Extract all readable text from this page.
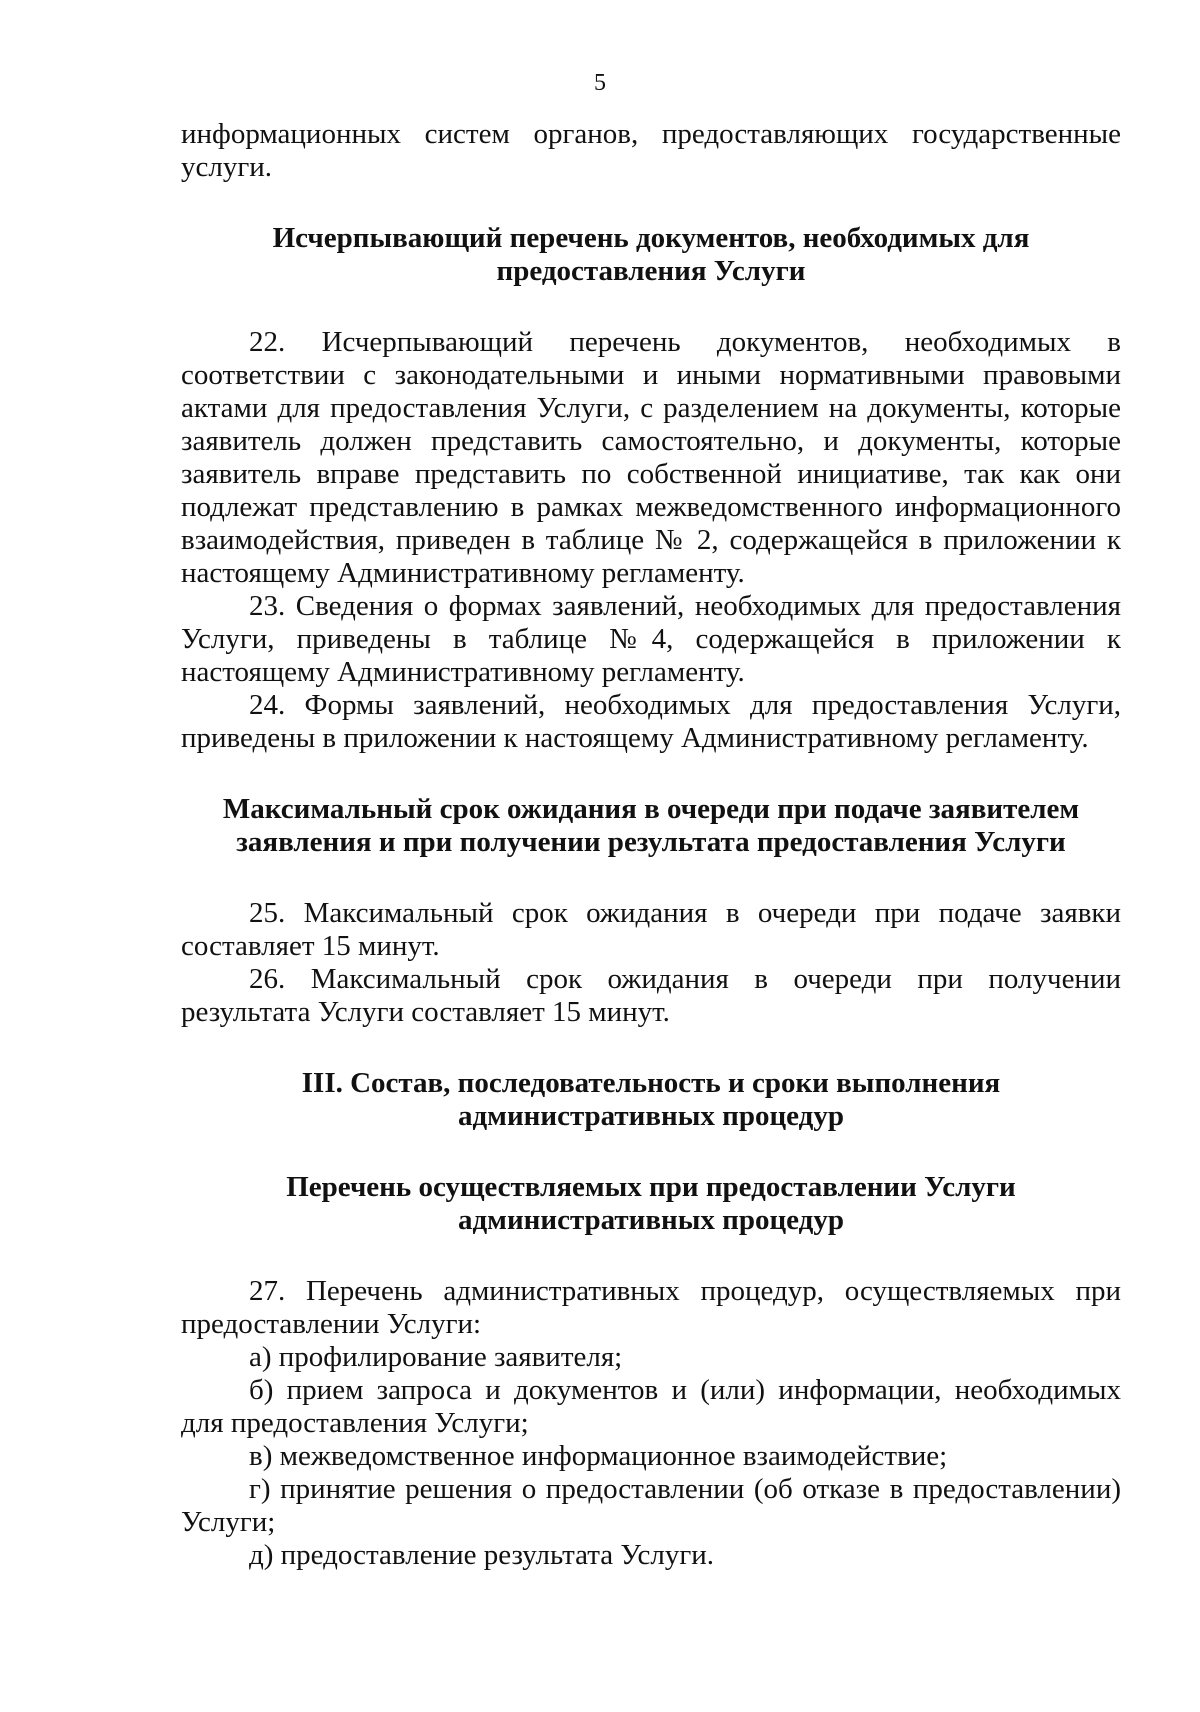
5

информационных систем органов, предоставляющих государственные услуги.

Исчерпывающий перечень документов, необходимых для
предоставления Услуги

22. Исчерпывающий перечень документов, необходимых в соответствии с законодательными и иными нормативными правовыми актами для предоставления Услуги, с разделением на документы, которые заявитель должен представить самостоятельно, и документы, которые заявитель вправе представить по собственной инициативе, так как они подлежат представлению в рамках межведомственного информационного взаимодействия, приведен в таблице № 2, содержащейся в приложении к настоящему Административному регламенту.

23. Сведения о формах заявлений, необходимых для предоставления Услуги, приведены в таблице №4, содержащейся в приложении к настоящему Административному регламенту.

24. Формы заявлений, необходимых для предоставления Услуги, приведены в приложении к настоящему Административному регламенту.

Максимальный срок ожидания в очереди при подаче заявителем
заявления и при получении результата предоставления Услуги

25. Максимальный срок ожидания в очереди при подаче заявки составляет 15 минут.

26. Максимальный срок ожидания в очереди при получении результата Услуги составляет 15 минут.

III. Состав, последовательность и сроки выполнения
административных процедур
Перечень осуществляемых при предоставлении Услуги
административных процедур

27. Перечень административных процедур, осуществляемых при предоставлении Услуги:

а) профилирование заявителя;

б) прием запроса и документов и (или) информации, необходимых для предоставления Услуги;

в) межведомственное информационное взаимодействие;

г) принятие решения о предоставлении (об отказе в предоставлении) Услуги;

д) предоставление результата Услуги.
